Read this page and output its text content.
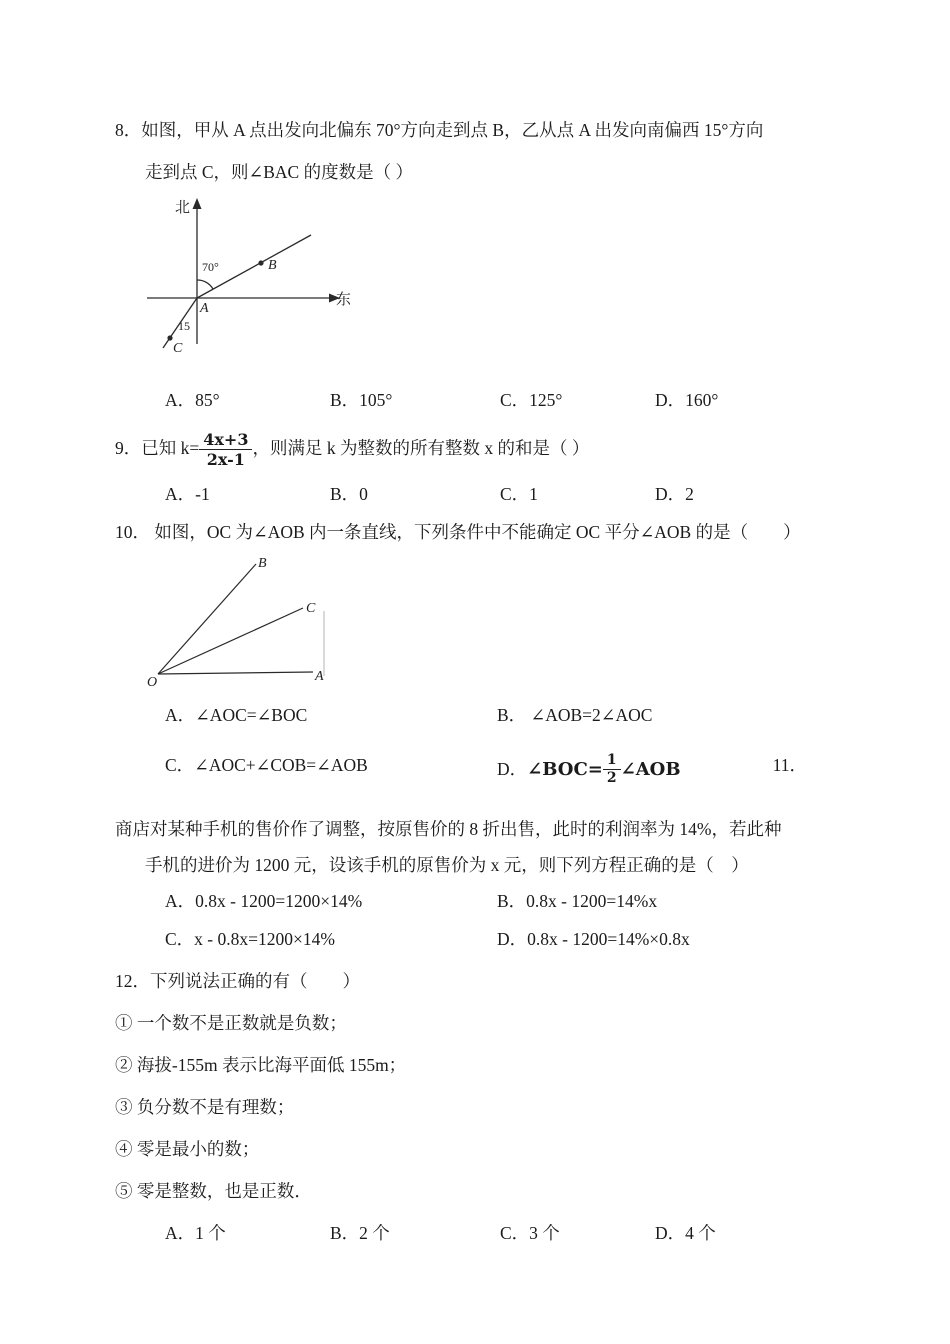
8．如图，甲从 A 点出发向北偏东 70°方向走到点 B，乙从点 A 出发向南偏西 15°方向
走到点 C，则∠BAC 的度数是（ ）
北
东
70°
A
B
C
15
A．85°	B．105°	C．125°	D．160°
9．已知 $k= \frac{4x+3}{2x-1}$ ，则满足 k 为整数的所有整数 x 的和是（ ）
A．-1	B．0	C．1	D．2
10． 如图，OC 为∠AOB 内一条直线，下列条件中不能确定 OC 平分∠AOB 的是（　　）
O	A
B
C
A．∠AOC=∠BOC	B． ∠AOB=2∠AOC
C．∠AOC+∠COB=∠AOB	D．∠BOC= $\frac{1}{2}$ ∠AOB	11．
商店对某种手机的售价作了调整，按原售价的 8 折出售，此时的利润率为 14%，若此种
手机的进价为 1200 元，设该手机的原售价为 x 元，则下列方程正确的是（　）
A．0.8x - 1200=1200×14%	B．0.8x - 1200=14%x
C．x - 0.8x=1200×14%	D．0.8x - 1200=14%×0.8x
12．下列说法正确的有（　　）
① 一个数不是正数就是负数；
② 海拔-155m 表示比海平面低 155m；
③ 负分数不是有理数；
④ 零是最小的数；
⑤ 零是整数，也是正数．
A．1 个	B．2 个	C．3 个	D．4 个
